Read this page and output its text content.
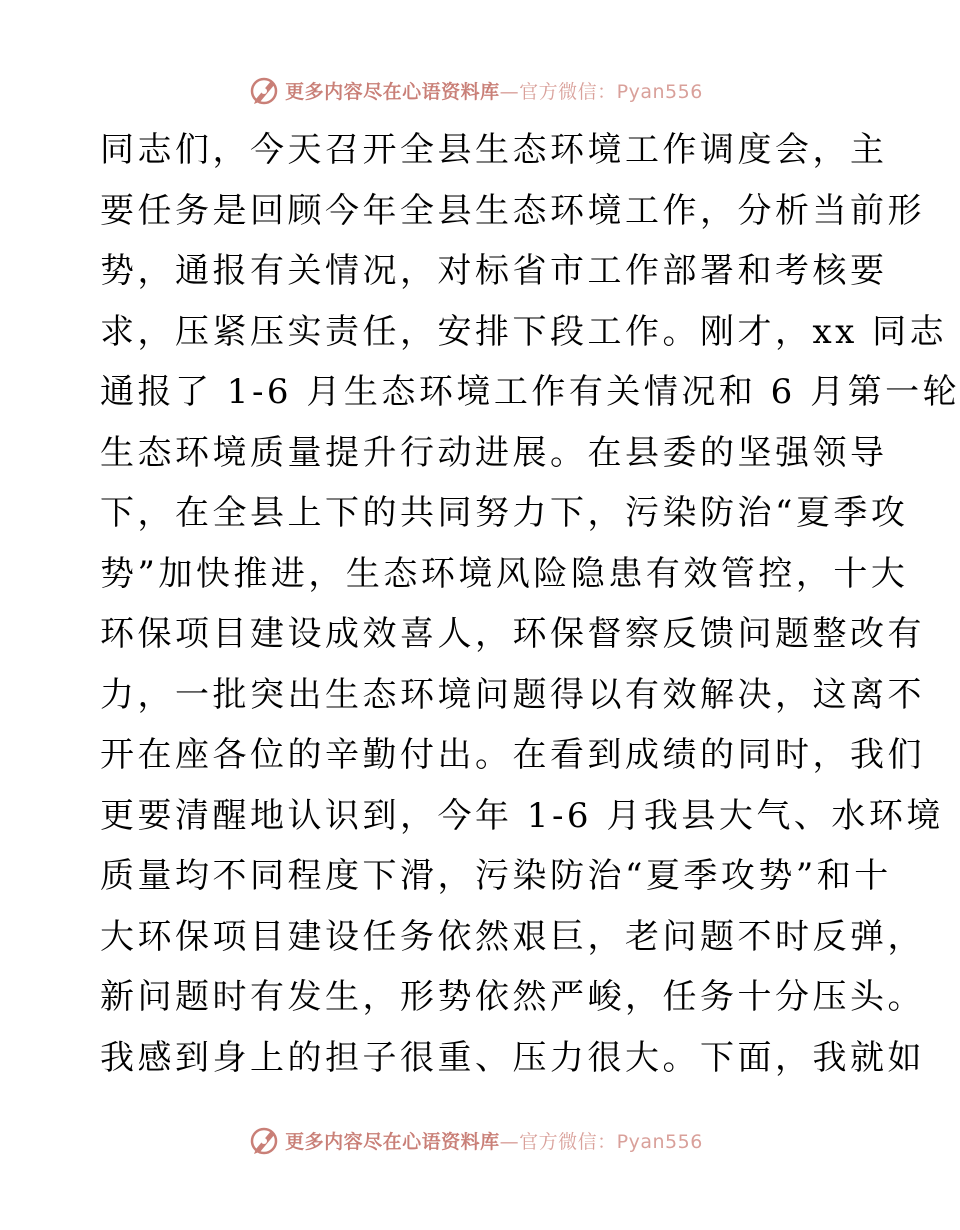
更多内容尽在心语资料库—官方微信：Pyan556
同志们，今天召开全县生态环境工作调度会，主
要任务是回顾今年全县生态环境工作，分析当前形
势，通报有关情况，对标省市工作部署和考核要
求，压紧压实责任，安排下段工作。刚才，xx 同志
通报了 1-6 月生态环境工作有关情况和 6 月第一轮
生态环境质量提升行动进展。在县委的坚强领导
下，在全县上下的共同努力下，污染防治“夏季攻
势”加快推进，生态环境风险隐患有效管控，十大
环保项目建设成效喜人，环保督察反馈问题整改有
力，一批突出生态环境问题得以有效解决，这离不
开在座各位的辛勤付出。在看到成绩的同时，我们
更要清醒地认识到，今年 1-6 月我县大气、水环境
质量均不同程度下滑，污染防治“夏季攻势”和十
大环保项目建设任务依然艰巨，老问题不时反弹，
新问题时有发生，形势依然严峻，任务十分压头。
我感到身上的担子很重、压力很大。下面，我就如
更多内容尽在心语资料库—官方微信：Pyan556
